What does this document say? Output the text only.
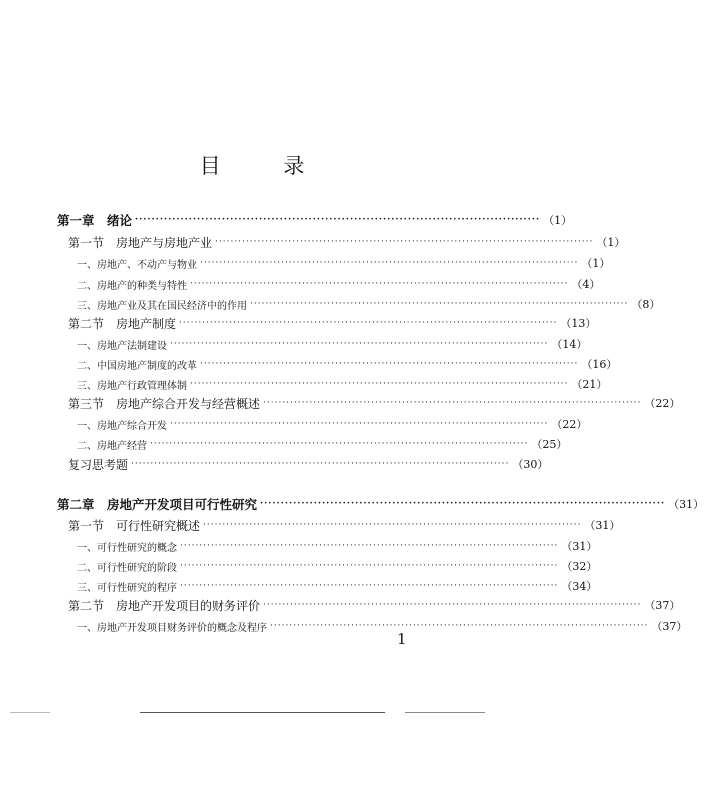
目 录
第一章　绪论 ·································································································· （1）
第一节　房地产与房地产业 ·································································································· （1）
一、房地产、不动产与物业 ·································································································· （1）
二、房地产的种类与特性 ·································································································· （4）
三、房地产业及其在国民经济中的作用 ·································································································· （8）
第二节　房地产制度 ·································································································· （13）
一、房地产法制建设 ·································································································· （14）
二、中国房地产制度的改革 ·································································································· （16）
三、房地产行政管理体制 ·································································································· （21）
第三节　房地产综合开发与经营概述 ·································································································· （22）
一、房地产综合开发 ·································································································· （22）
二、房地产经营 ·································································································· （25）
复习思考题 ·································································································· （30）
第二章　房地产开发项目可行性研究 ·································································································· （31）
第一节　可行性研究概述 ·································································································· （31）
一、可行性研究的概念 ·································································································· （31）
二、可行性研究的阶段 ·································································································· （32）
三、可行性研究的程序 ·································································································· （34）
第二节　房地产开发项目的财务评价 ·································································································· （37）
一、房地产开发项目财务评价的概念及程序 ·································································································· （37）
1
